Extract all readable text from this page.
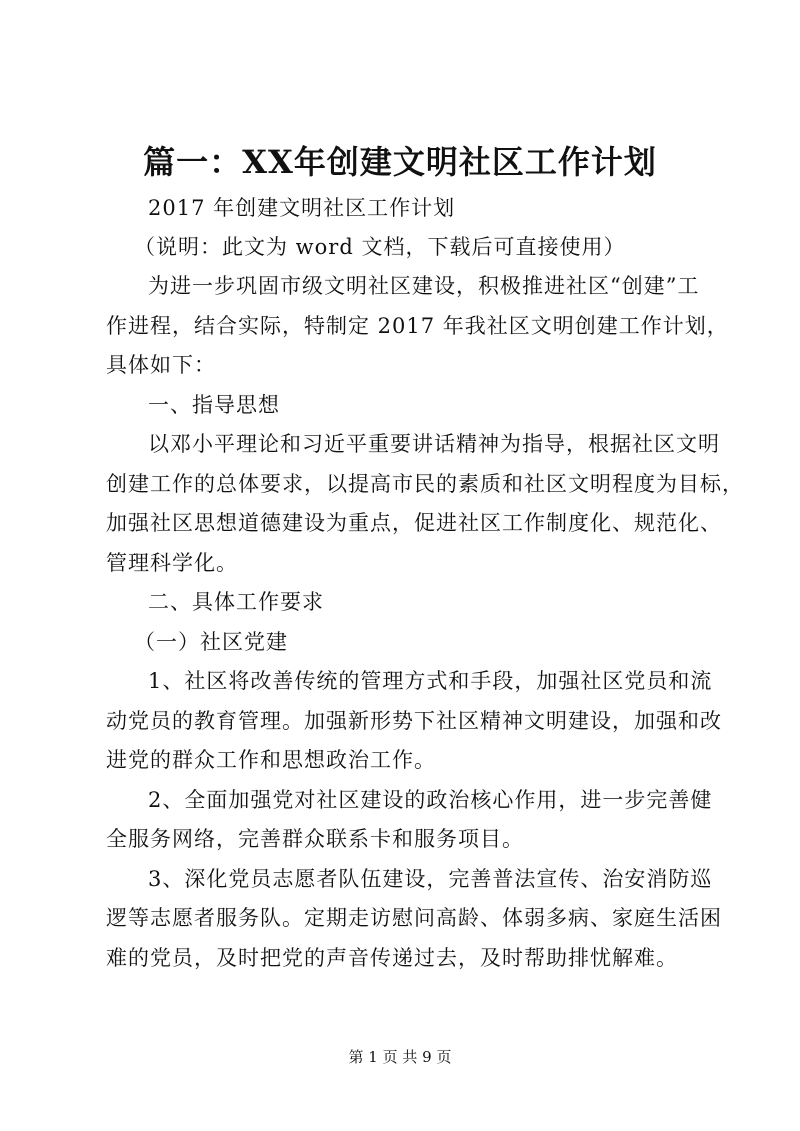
篇一：XX年创建文明社区工作计划
2017 年创建文明社区工作计划
（说明：此文为 word 文档，下载后可直接使用）
为进一步巩固市级文明社区建设，积极推进社区“创建”工
作进程，结合实际，特制定 2017 年我社区文明创建工作计划，
具体如下：
一、指导思想
以邓小平理论和习近平重要讲话精神为指导，根据社区文明
创建工作的总体要求，以提高市民的素质和社区文明程度为目标，
加强社区思想道德建设为重点，促进社区工作制度化、规范化、
管理科学化。
二、具体工作要求
（一）社区党建
1、社区将改善传统的管理方式和手段，加强社区党员和流
动党员的教育管理。加强新形势下社区精神文明建设，加强和改
进党的群众工作和思想政治工作。
2、全面加强党对社区建设的政治核心作用，进一步完善健
全服务网络，完善群众联系卡和服务项目。
3、深化党员志愿者队伍建设，完善普法宣传、治安消防巡
逻等志愿者服务队。定期走访慰问高龄、体弱多病、家庭生活困
难的党员，及时把党的声音传递过去，及时帮助排忧解难。
第 1 页 共 9 页
